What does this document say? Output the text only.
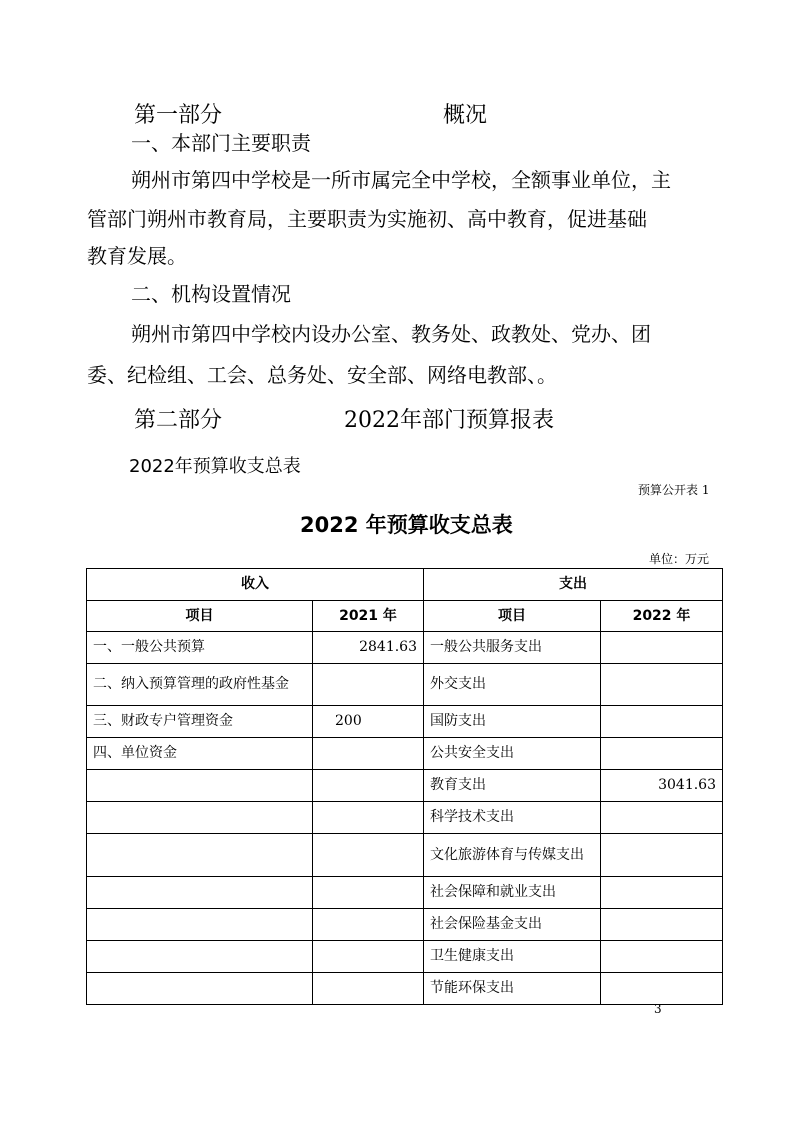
第一部分	概况
一、本部门主要职责
朔州市第四中学校是一所市属完全中学校，全额事业单位，主
管部门朔州市教育局，主要职责为实施初、高中教育，促进基础
教育发展。
二、机构设置情况
朔州市第四中学校内设办公室、教务处、政教处、党办、团
委、纪检组、工会、总务处、安全部、网络电教部、。
第二部分	2022年部门预算报表
2022年预算收支总表
预算公开表 1
2022 年预算收支总表
单位：万元
收入		支出	
项目	2021 年	项目	2022 年
一、一般公共预算	2841.63	一般公共服务支出	
二、纳入预算管理的政府性基金		外交支出	
三、财政专户管理资金	200	国防支出	
四、单位资金		公共安全支出	
		教育支出	3041.63
		科学技术支出	
		文化旅游体育与传媒支出	
		社会保障和就业支出	
		社会保险基金支出	
		卫生健康支出	
		节能环保支出	
3
